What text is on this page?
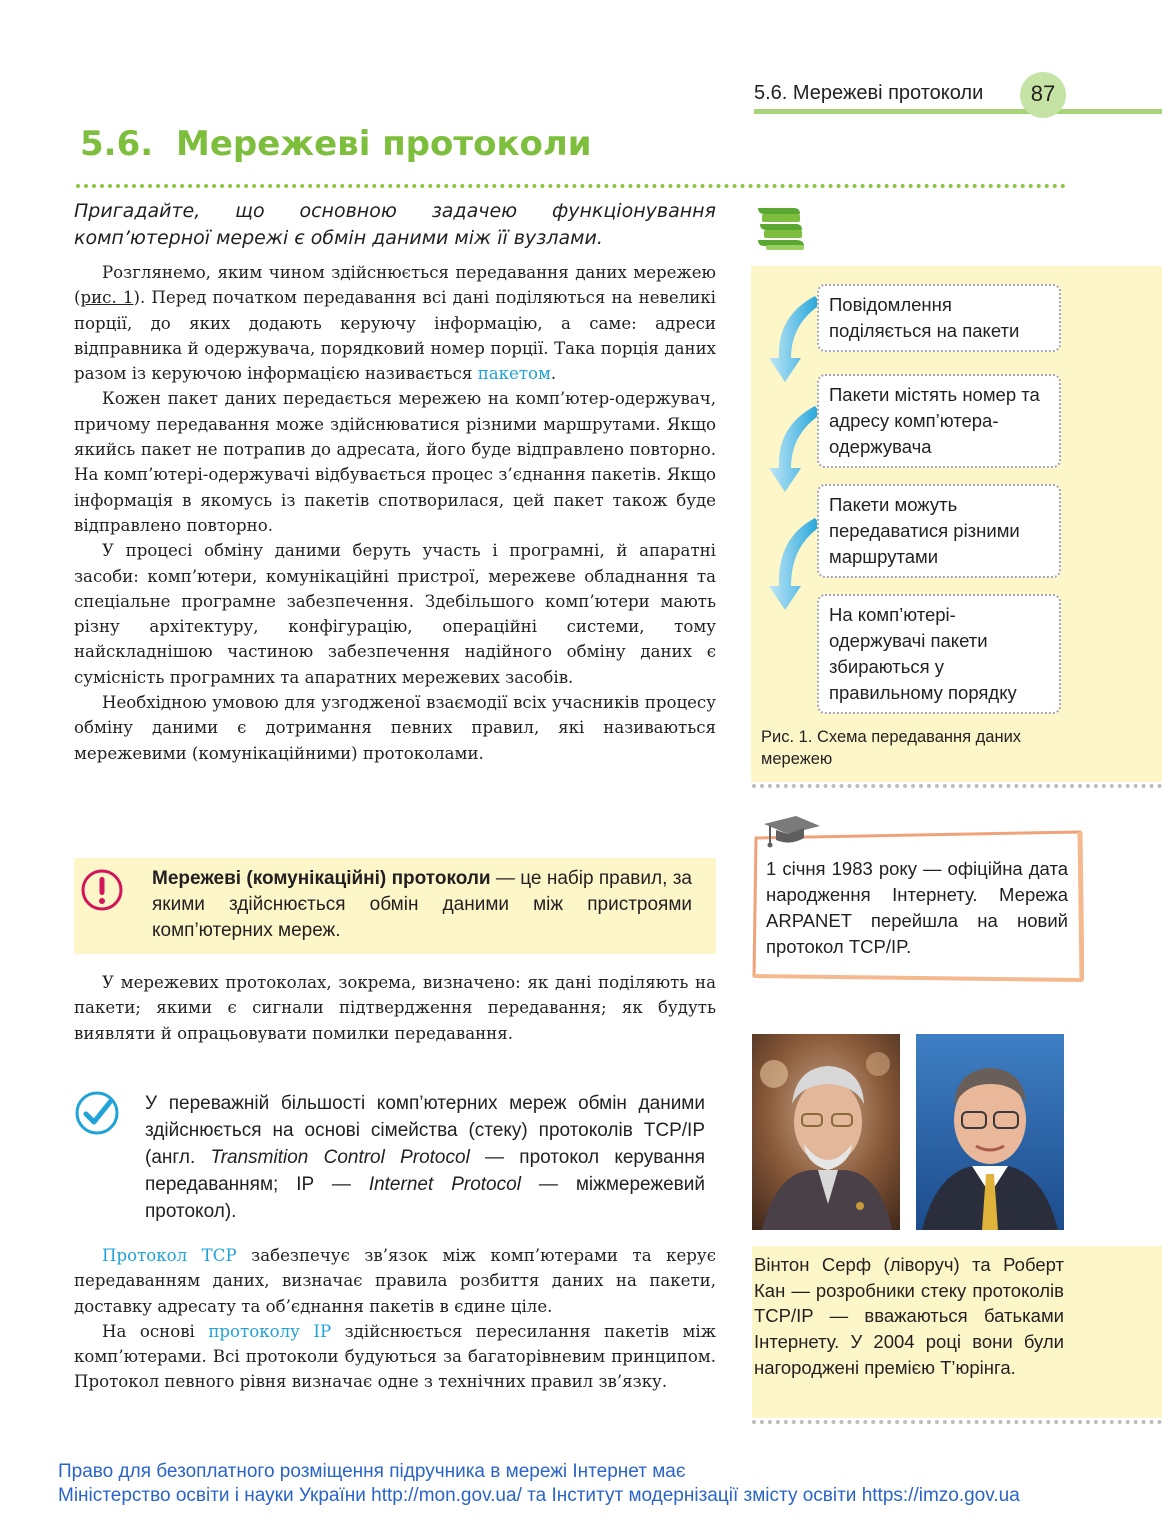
5.6. Мережеві протоколи	87
5.6. Мережеві протоколи
Пригадайте, що основною задачею функціонування комп’ютерної мережі є обмін даними між її вузлами.

Розглянемо, яким чином здійснюється передавання даних мережею (рис. 1). Перед початком передавання всі дані поділяються на невеликі порції, до яких додають керуючу інформацію, а саме: адреси відправника й одержувача, порядковий номер порції. Така порція даних разом із керуючою інформацією називається пакетом.

Кожен пакет даних передається мережею на комп’ютер-одержувач, причому передавання може здійснюватися різними маршрутами. Якщо якийсь пакет не потрапив до адресата, його буде відправлено повторно. На комп’ютері-одержувачі відбувається процес з’єднання пакетів. Якщо інформація в якомусь із пакетів спотворилася, цей пакет також буде відправлено повторно.

У процесі обміну даними беруть участь і програмні, й апаратні засоби: комп’ютери, комунікаційні пристрої, мережеве обладнання та спеціальне програмне забезпечення. Здебільшого комп’ютери мають різну архітектуру, конфігурацію, операційні системи, тому найскладнішою частиною забезпечення надійного обміну даних є сумісність програмних та апаратних мережевих засобів.

Необхідною умовою для узгодженої взаємодії всіх учасників процесу обміну даними є дотримання певних правил, які називаються мережевими (комунікаційними) протоколами.

Мережеві (комунікаційні) протоколи — це набір правил, за якими здійснюється обмін даними між пристроями комп’ютерних мереж.

У мережевих протоколах, зокрема, визначено: як дані поділяють на пакети; якими є сигнали підтвердження передавання; як будуть виявляти й опрацьовувати помилки передавання.

У переважній більшості комп’ютерних мереж обмін даними здійснюється на основі сімейства (стеку) протоколів TCP/IP (англ. Transmition Control Protocol — протокол керування передаванням; IP — Internet Protocol — міжмережевий протокол).

Протокол TCP забезпечує зв’язок між комп’ютерами та керує передаванням даних, визначає правила розбиття даних на пакети, доставку адресату та об’єднання пакетів в єдине ціле.

На основі протоколу IP здійснюється пересилання пакетів між комп’ютерами. Всі протоколи будуються за багаторівневим принципом. Протокол певного рівня визначає одне з технічних правил зв’язку.

Повідомлення поділяється на пакети
Пакети містять номер та адресу комп’ютера-одержувача
Пакети можуть передаватися різними маршрутами
На комп’ютері-одержувачі пакети збираються у правильному порядку
Рис. 1. Схема передавання даних мережею
1 січня 1983 року — офіційна дата народження Інтернету. Мережа ARPANET перейшла на новий протокол TCP/IP.
Вінтон Серф (ліворуч) та Роберт Кан — розробники стеку протоколів TCP/IP — вважаються батьками Інтернету. У 2004 році вони були нагороджені премією Т’юрінга.
Право для безоплатного розміщення підручника в мережі Інтернет має
Міністерство освіти і науки України http://mon.gov.ua/ та Інститут модернізації змісту освіти https://imzo.gov.ua
